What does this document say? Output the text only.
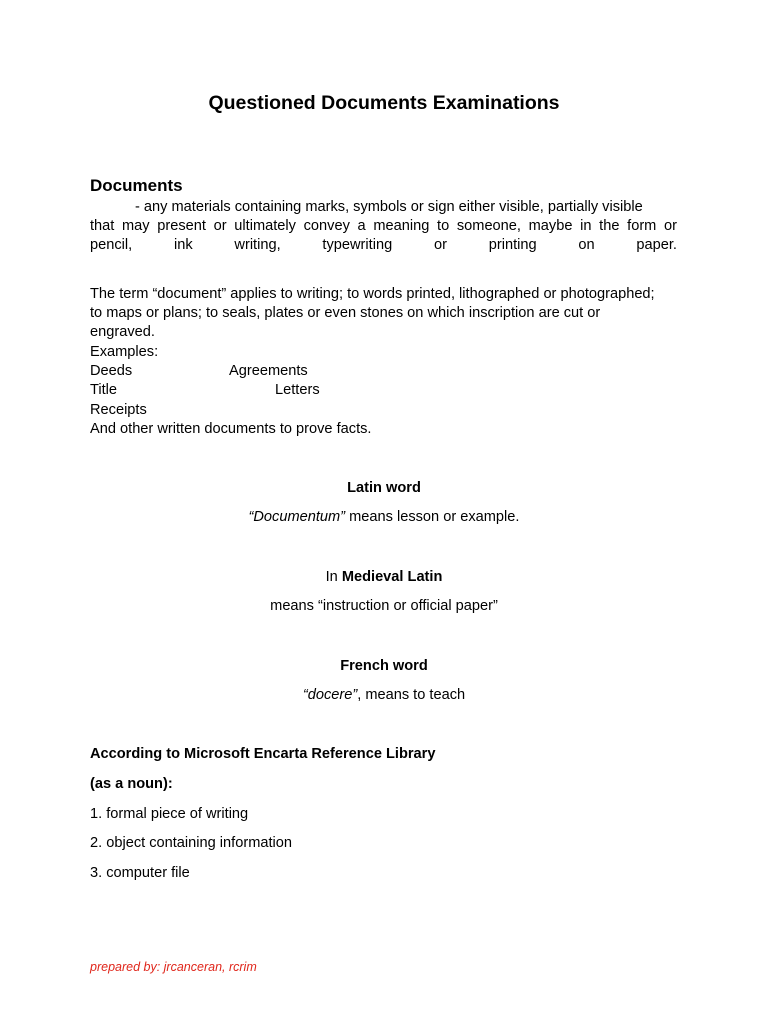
Questioned Documents Examinations
Documents
- any materials containing marks, symbols or sign either visible, partially visible
that may present or ultimately convey a meaning to someone, maybe in the form or
pencil, ink writing, typewriting or printing on paper.
The term “document” applies to writing; to words printed, lithographed or photographed;
to maps or plans; to seals, plates or even stones on which inscription are cut or
engraved.
Examples:
Deeds	Agreements
Title	Letters
Receipts
And other written documents to prove facts.
Latin word
“Documentum” means lesson or example.
In Medieval Latin
means “instruction or official paper”
French word
“docere”, means to teach
According to Microsoft Encarta Reference Library
(as a noun):
1. formal piece of writing
2. object containing information
3. computer file
prepared by: jrcanceran, rcrim
